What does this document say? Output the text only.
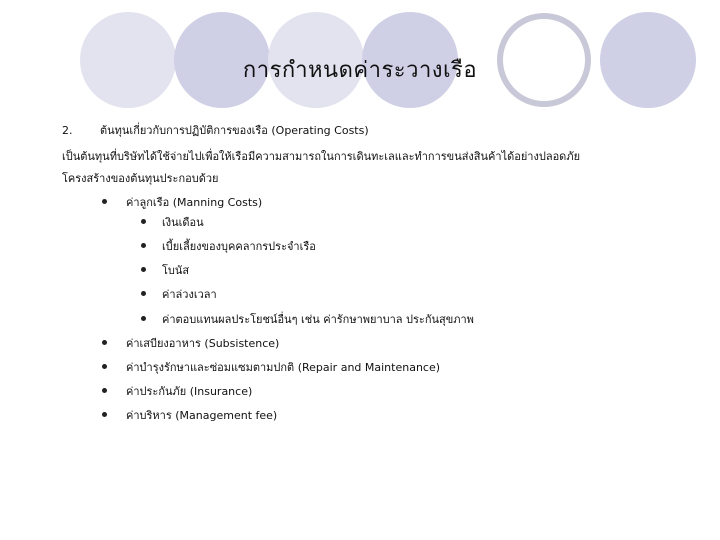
การกำหนดค่าระวางเรือ
2.	ต้นทุนเกี่ยวกับการปฏิบัติการของเรือ (Operating Costs)
เป็นต้นทุนที่บริษัทได้ใช้จ่ายไปเพื่อให้เรือมีความสามารถในการเดินทะเลและทำการขนส่งสินค้าได้อย่างปลอดภัย
โครงสร้างของต้นทุนประกอบด้วย
ค่าลูกเรือ (Manning Costs)
เงินเดือน
เบี้ยเลี้ยงของบุคคลากรประจำเรือ
โบนัส
ค่าล่วงเวลา
ค่าตอบแทนผลประโยชน์อื่นๆ เช่น ค่ารักษาพยาบาล ประกันสุขภาพ
ค่าเสบียงอาหาร (Subsistence)
ค่าบำรุงรักษาและซ่อมแซมตามปกติ (Repair and Maintenance)
ค่าประกันภัย (Insurance)
ค่าบริหาร (Management fee)
